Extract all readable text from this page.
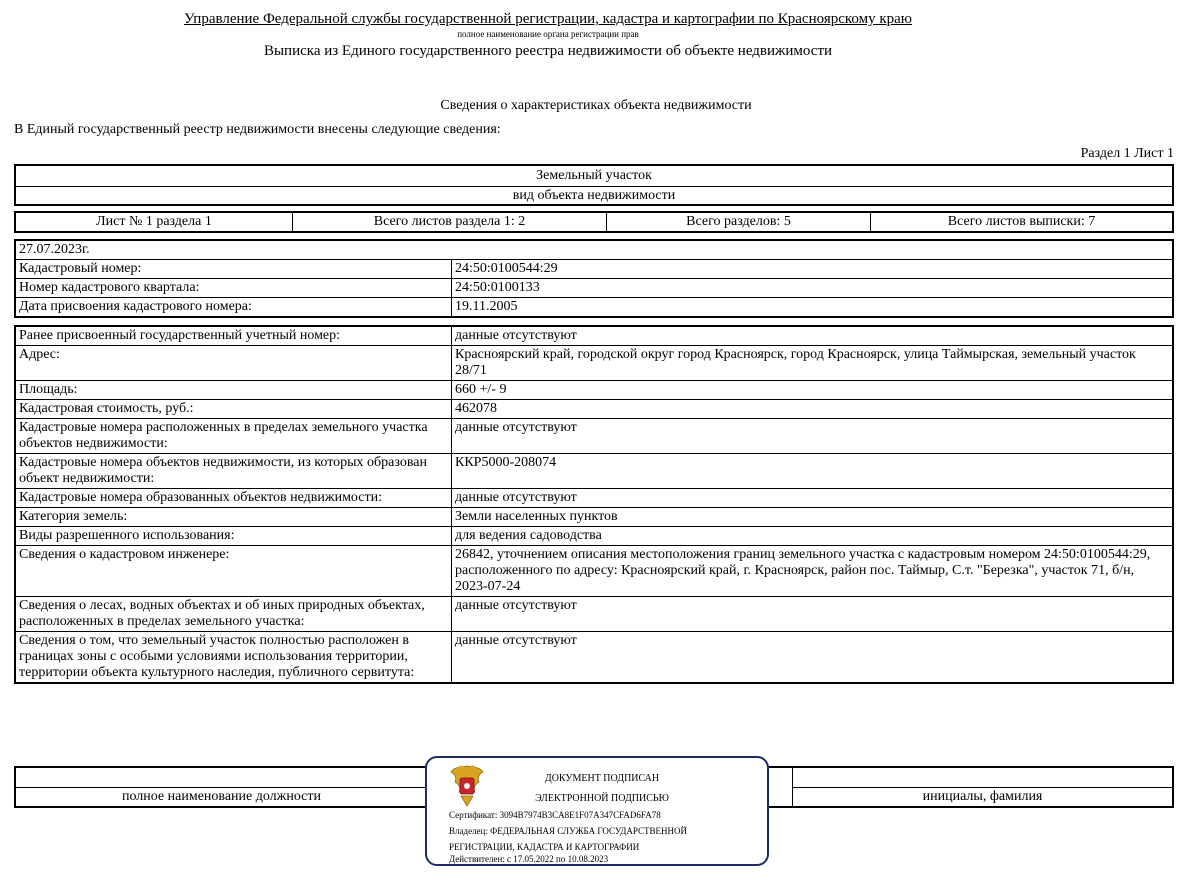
Управление Федеральной службы государственной регистрации, кадастра и картографии по Красноярскому краю
полное наименование органа регистрации прав
Выписка из Единого государственного реестра недвижимости об объекте недвижимости
Сведения о характеристиках объекта недвижимости
В Единый государственный реестр недвижимости внесены следующие сведения:
Раздел 1 Лист 1
Земельный участок
вид объекта недвижимости
Лист № 1 раздела 1	Всего листов раздела 1: 2	Всего разделов: 5	Всего листов выписки: 7
27.07.2023г.
Кадастровый номер:	24:50:0100544:29
Номер кадастрового квартала:	24:50:0100133
Дата присвоения кадастрового номера:	19.11.2005
Ранее присвоенный государственный учетный номер:	данные отсутствуют
Адрес:	Красноярский край, городской округ город Красноярск, город Красноярск, улица Таймырская, земельный участок 28/71
Площадь:	660 +/- 9
Кадастровая стоимость, руб.:	462078
Кадастровые номера расположенных в пределах земельного участка объектов недвижимости:
данные отсутствуют
Кадастровые номера объектов недвижимости, из которых образован объект недвижимости:
ККР5000-208074
Кадастровые номера образованных объектов недвижимости:	данные отсутствуют
Категория земель:	Земли населенных пунктов
Виды разрешенного использования:	для ведения садоводства
Сведения о кадастровом инженере:	26842, уточнением описания местоположения границ земельного участка с кадастровым номером 24:50:0100544:29, расположенного по адресу: Красноярский край, г. Красноярск, район пос. Таймыр, С.т. "Березка", участок 71, б/н, 2023-07-24
Сведения о лесах, водных объектах и об иных природных объектах, расположенных в пределах земельного участка:
данные отсутствуют
Сведения о том, что земельный участок полностью расположен в границах зоны с особыми условиями использования территории, территории объекта культурного наследия, публичного сервитута:
данные отсутствуют
полное наименование должности	инициалы, фамилия
ДОКУМЕНТ ПОДПИСАН
ЭЛЕКТРОННОЙ ПОДПИСЬЮ
Сертификат: 3094B7974B3CA8E1F07A347CFAD6FA78
Владелец: ФЕДЕРАЛЬНАЯ СЛУЖБА ГОСУДАРСТВЕННОЙ
РЕГИСТРАЦИИ, КАДАСТРА И КАРТОГРАФИИ
Действителен: с 17.05.2022 по 10.08.2023
